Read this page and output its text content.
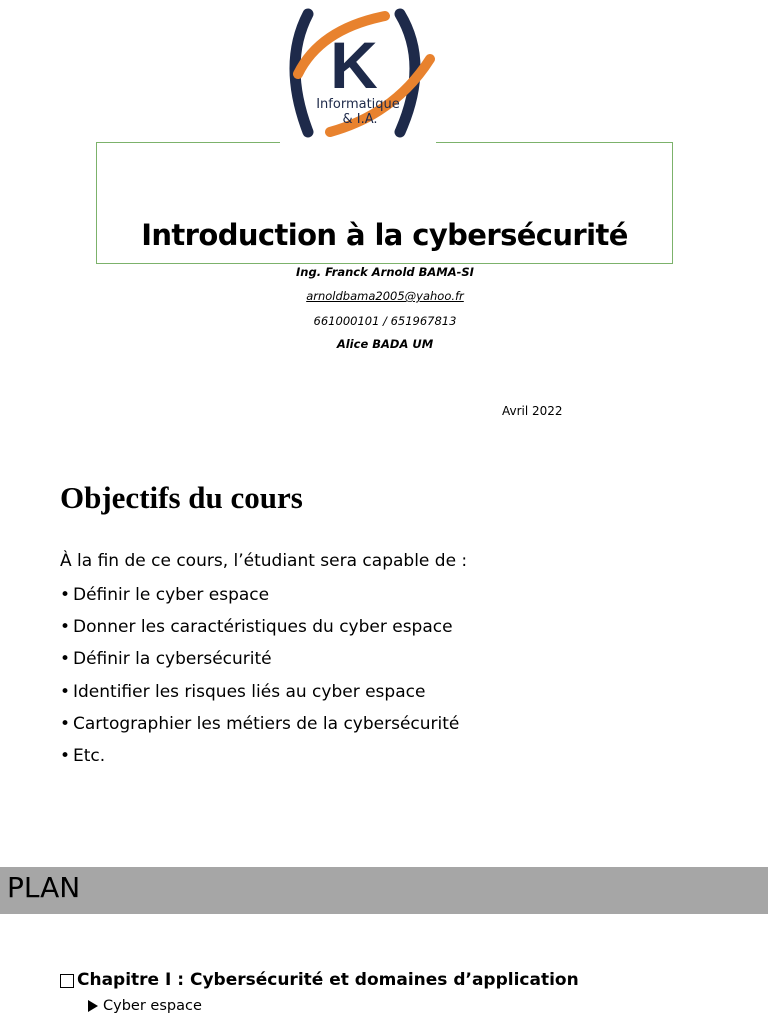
K
Informatique
& I.A.
Introduction à la cybersécurité
Ing. Franck Arnold BAMA-SI
arnoldbama2005@yahoo.fr
661000101 / 651967813
Alice BADA UM
Avril 2022
Objectifs du cours
À la fin de ce cours, l’étudiant sera capable de :
• Définir le cyber espace
• Donner les caractéristiques du cyber espace
• Définir la cybersécurité
• Identifier les risques liés au cyber espace
• Cartographier les métiers de la cybersécurité
• Etc.
PLAN
Chapitre I : Cybersécurité et domaines d’application
Cyber espace
